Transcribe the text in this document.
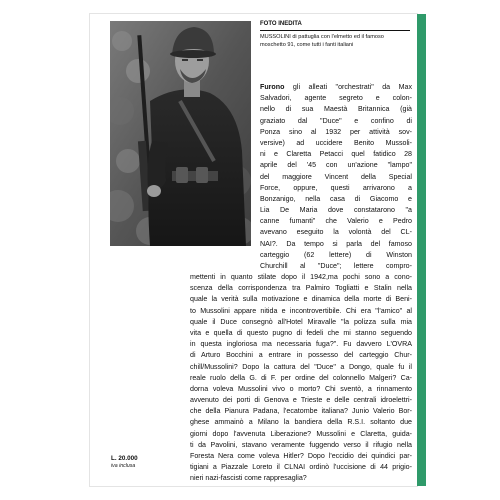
FOTO INEDITA
MUSSOLINI di pattuglia con l'elmetto ed il famoso moschetto 91, come tutti i fanti italiani
Furono gli alleati "orchestrati" da Max
Salvadori, agente segreto e colon-
nello di sua Maestà Britannica (già
graziato dal "Duce" e confino di
Ponza sino al 1932 per attività sov-
versive) ad uccidere Benito Mussoli-
ni e Claretta Petacci quel fatidico 28
aprile del '45 con un'azione "lampo"
del maggiore Vincent della Special
Force, oppure, questi arrivarono a
Bonzanigo, nella casa di Giacomo e
Lia De Maria dove constatarono "a
canne fumanti" che Valerio e Pedro
avevano eseguito la volontà del CL-
NAI?. Da tempo si parla del famoso
carteggio (62 lettere) di Winston
Churchill al "Duce"; lettere compro-
mettenti in quanto stilate dopo il 1942,ma pochi sono a cono-
scenza della corrispondenza tra Palmiro Togliatti e Stalin nella
quale la verità sulla motivazione e dinamica della morte di Beni-
to Mussolini appare nitida e incontrovertibile. Chi era "l'amico" al
quale il Duce consegnò all'Hotel Miravalle "la polizza sulla mia
vita e quella di questo pugno di fedeli che mi stanno seguendo
in questa ingloriosa ma necessaria fuga?". Fu davvero L'OVRA
di Arturo Bocchini a entrare in possesso del carteggio Chur-
chill/Mussolini? Dopo la cattura del "Duce" a Dongo, quale fu il
reale ruolo della G. di F. per ordine del colonnello Malgeri? Ca-
dorna voleva Mussolini vivo o morto? Chi sventò, a rinnamento
avvenuto dei porti di Genova e Trieste e delle centrali idroelettri-
che della Pianura Padana, l'ecatombe italiana? Junio Valerio Bor-
ghese ammainò a Milano la bandiera della R.S.I. soltanto due
giorni dopo l'avvenuta Liberazione? Mussolini e Claretta, guida-
ti da Pavolini, stavano veramente fuggendo verso il rifugio nella
Foresta Nera come voleva Hitler? Dopo l'eccidio dei quindici par-
tigiani a Piazzale Loreto il CLNAI ordinò l'uccisione di 44 prigio-
nieri nazi-fascisti come rappresaglia?
L. 20.000
iva inclusa
